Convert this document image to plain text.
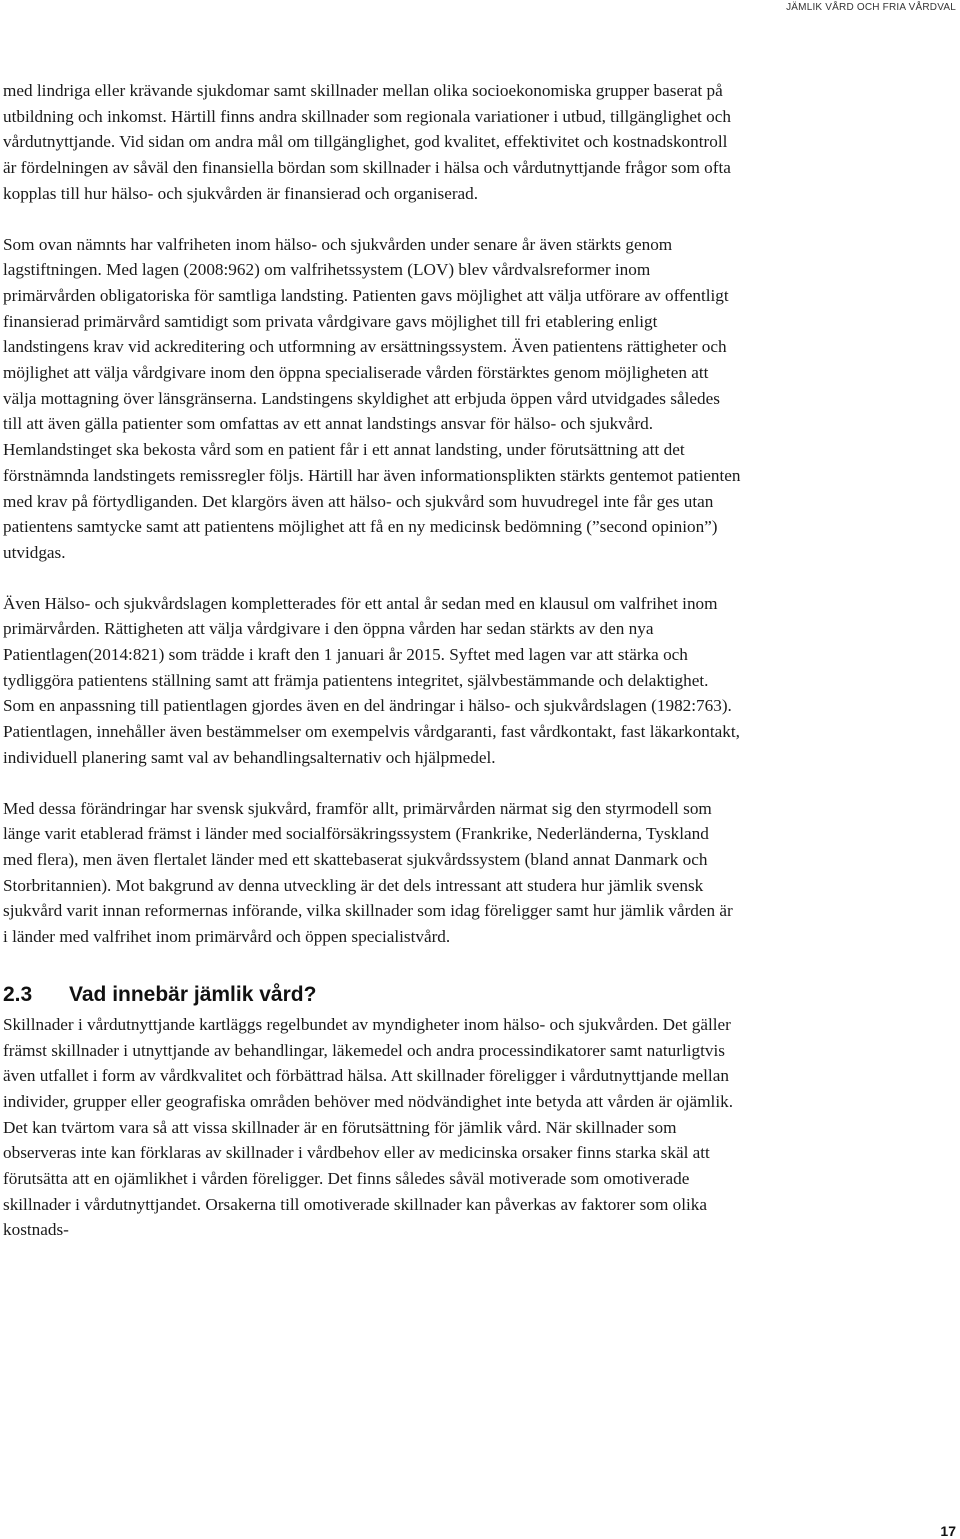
JÄMLIK VÅRD OCH FRIA VÅRDVAL

med lindriga eller krävande sjukdomar samt skillnader mellan olika socioekonomiska grupper baserat på utbildning och inkomst. Härtill finns andra skillnader som regionala variationer i utbud, tillgänglighet och vårdutnyttjande. Vid sidan om andra mål om tillgänglighet, god kvalitet, effektivitet och kostnadskontroll är fördelningen av såväl den finansiella bördan som skillnader i hälsa och vårdutnyttjande frågor som ofta kopplas till hur hälso- och sjukvården är finansierad och organiserad.

Som ovan nämnts har valfriheten inom hälso- och sjukvården under senare år även stärkts genom lagstiftningen. Med lagen (2008:962) om valfrihetssystem (LOV) blev vårdvalsreformer inom primärvården obligatoriska för samtliga landsting. Patienten gavs möjlighet att välja utförare av offentligt finansierad primärvård samtidigt som privata vårdgivare gavs möjlighet till fri etablering enligt landstingens krav vid ackreditering och utformning av ersättningssystem. Även patientens rättigheter och möjlighet att välja vårdgivare inom den öppna specialiserade vården förstärktes genom möjligheten att välja mottagning över länsgränserna. Landstingens skyldighet att erbjuda öppen vård utvidgades således till att även gälla patienter som omfattas av ett annat landstings ansvar för hälso- och sjukvård. Hemlandstinget ska bekosta vård som en patient får i ett annat landsting, under förutsättning att det förstnämnda landstingets remissregler följs. Härtill har även informationsplikten stärkts gentemot patienten med krav på förtydliganden. Det klargörs även att hälso- och sjukvård som huvudregel inte får ges utan patientens samtycke samt att patientens möjlighet att få en ny medicinsk bedömning (”second opinion”) utvidgas.

Även Hälso- och sjukvårdslagen kompletterades för ett antal år sedan med en klausul om valfrihet inom primärvården. Rättigheten att välja vårdgivare i den öppna vården har sedan stärkts av den nya Patientlagen(2014:821) som trädde i kraft den 1 januari år 2015. Syftet med lagen var att stärka och tydliggöra patientens ställning samt att främja patientens integritet, självbestämmande och delaktighet. Som en anpassning till patientlagen gjordes även en del ändringar i hälso- och sjukvårdslagen (1982:763). Patientlagen, innehåller även bestämmelser om exempelvis vårdgaranti, fast vårdkontakt, fast läkarkontakt, individuell planering samt val av behandlingsalternativ och hjälpmedel.

Med dessa förändringar har svensk sjukvård, framför allt, primärvården närmat sig den styrmodell som länge varit etablerad främst i länder med socialförsäkringssystem (Frankrike, Nederländerna, Tyskland med flera), men även flertalet länder med ett skattebaserat sjukvårdssystem (bland annat Danmark och Storbritannien). Mot bakgrund av denna utveckling är det dels intressant att studera hur jämlik svensk sjukvård varit innan reformernas införande, vilka skillnader som idag föreligger samt hur jämlik vården är i länder med valfrihet inom primärvård och öppen specialistvård.

2.3	Vad innebär jämlik vård?

Skillnader i vårdutnyttjande kartläggs regelbundet av myndigheter inom hälso- och sjukvården. Det gäller främst skillnader i utnyttjande av behandlingar, läkemedel och andra processindikatorer samt naturligtvis även utfallet i form av vårdkvalitet och förbättrad hälsa. Att skillnader föreligger i vårdutnyttjande mellan individer, grupper eller geografiska områden behöver med nödvändighet inte betyda att vården är ojämlik. Det kan tvärtom vara så att vissa skillnader är en förutsättning för jämlik vård. När skillnader som observeras inte kan förklaras av skillnader i vårdbehov eller av medicinska orsaker finns starka skäl att förutsätta att en ojämlikhet i vården föreligger. Det finns således såväl motiverade som omotiverade skillnader i vårdutnyttjandet. Orsakerna till omotiverade skillnader kan påverkas av faktorer som olika kostnads-

17
